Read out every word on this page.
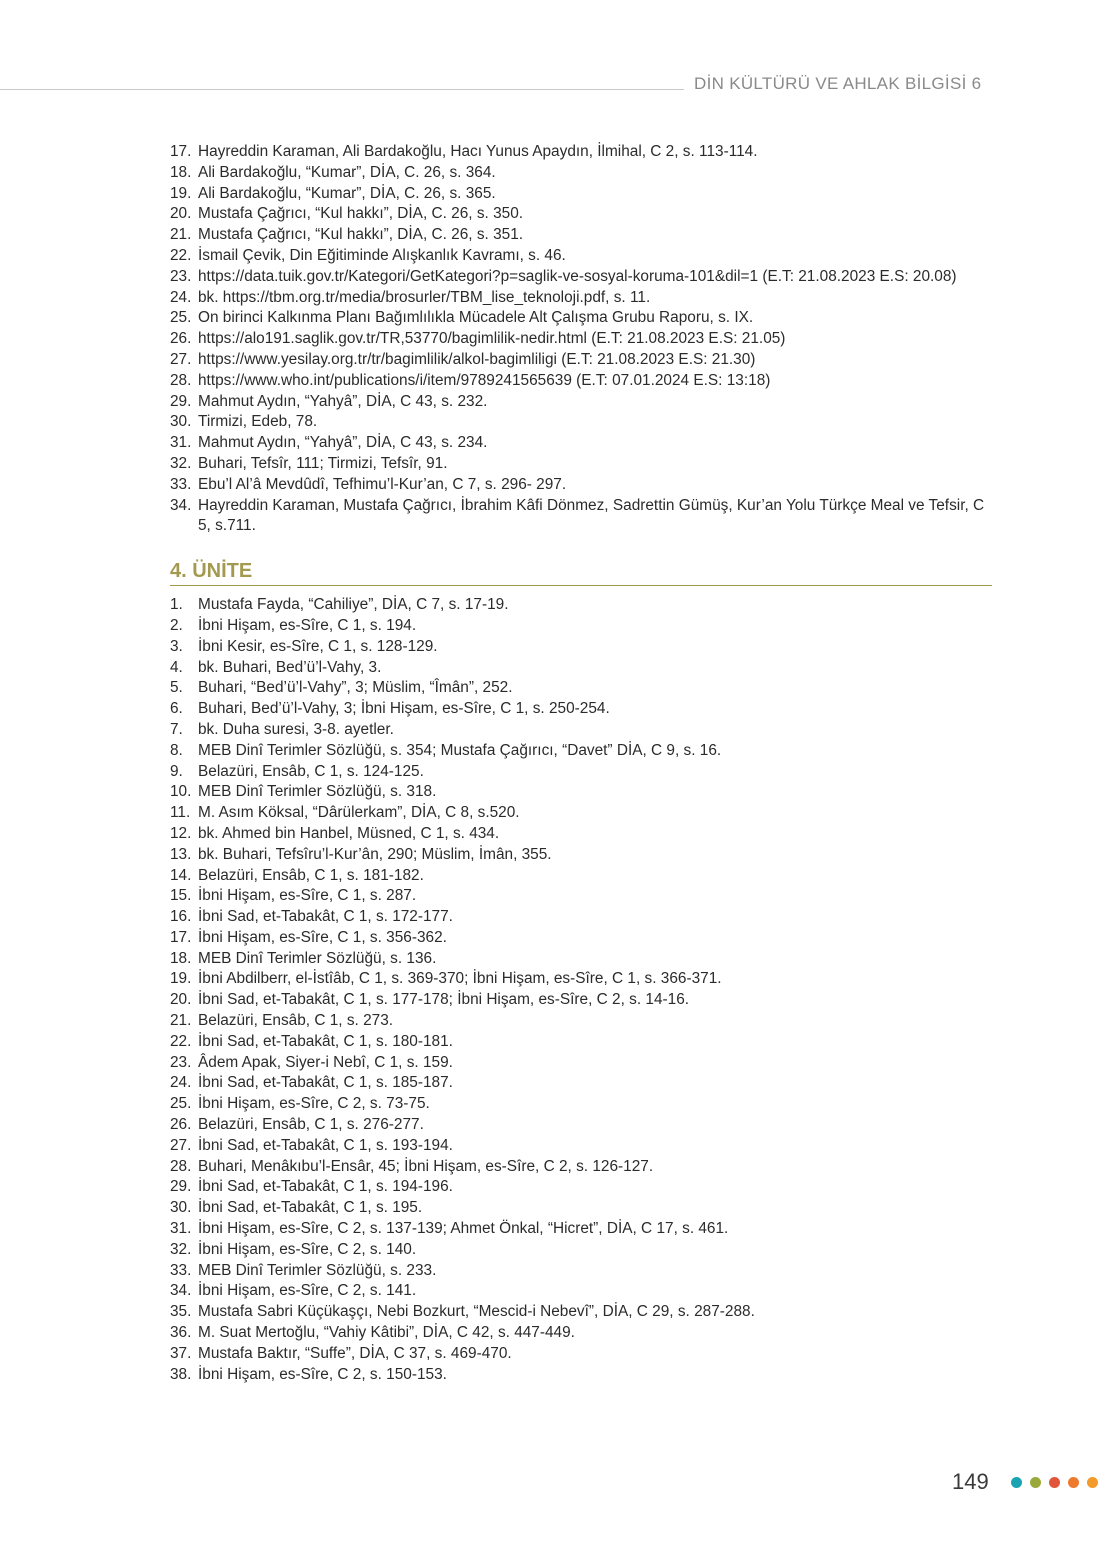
DİN KÜLTÜRÜ VE AHLAK BİLGİSİ 6
17. Hayreddin Karaman, Ali Bardakoğlu, Hacı Yunus Apaydın, İlmihal, C 2, s. 113-114.
18. Ali Bardakoğlu, “Kumar”, DİA, C. 26, s. 364.
19. Ali Bardakoğlu, “Kumar”, DİA, C. 26, s. 365.
20. Mustafa Çağrıcı, “Kul hakkı”, DİA, C. 26, s. 350.
21. Mustafa Çağrıcı, “Kul hakkı”, DİA, C. 26, s. 351.
22. İsmail Çevik, Din Eğitiminde Alışkanlık Kavramı, s. 46.
23. https://data.tuik.gov.tr/Kategori/GetKategori?p=saglik-ve-sosyal-koruma-101&dil=1 (E.T: 21.08.2023 E.S: 20.08)
24. bk. https://tbm.org.tr/media/brosurler/TBM_lise_teknoloji.pdf, s. 11.
25. On birinci Kalkınma Planı Bağımlılıkla Mücadele Alt Çalışma Grubu Raporu, s. IX.
26. https://alo191.saglik.gov.tr/TR,53770/bagimlilik-nedir.html (E.T: 21.08.2023 E.S: 21.05)
27. https://www.yesilay.org.tr/tr/bagimlilik/alkol-bagimliligi (E.T: 21.08.2023 E.S: 21.30)
28. https://www.who.int/publications/i/item/9789241565639 (E.T: 07.01.2024 E.S: 13:18)
29. Mahmut Aydın, “Yahyâ”, DİA, C 43, s. 232.
30. Tirmizi, Edeb, 78.
31. Mahmut Aydın, “Yahyâ”, DİA, C 43, s. 234.
32. Buhari, Tefsîr, 111; Tirmizi, Tefsîr, 91.
33. Ebu’l Al’â Mevdûdî, Tefhimu’l-Kur’an, C 7, s. 296- 297.
34. Hayreddin Karaman, Mustafa Çağrıcı, İbrahim Kâfi Dönmez, Sadrettin Gümüş, Kur’an Yolu Türkçe Meal ve Tefsir, C 5, s.711.
4. ÜNİTE
1. Mustafa Fayda, “Cahiliye”, DİA, C 7, s. 17-19.
2. İbni Hişam, es-Sîre, C 1, s. 194.
3. İbni Kesir, es-Sîre, C 1, s. 128-129.
4. bk. Buhari, Bed’ü’l-Vahy, 3.
5. Buhari, “Bed’ü’l-Vahy”, 3; Müslim, “Îmân”, 252.
6. Buhari, Bed’ü’l-Vahy, 3; İbni Hişam, es-Sîre, C 1, s. 250-254.
7. bk. Duha suresi, 3-8. ayetler.
8. MEB Dinî Terimler Sözlüğü, s. 354; Mustafa Çağırıcı, “Davet” DİA, C 9, s. 16.
9. Belazüri, Ensâb, C 1, s. 124-125.
10. MEB Dinî Terimler Sözlüğü, s. 318.
11. M. Asım Köksal, “Dârülerkam”, DİA, C 8, s.520.
12. bk. Ahmed bin Hanbel, Müsned, C 1, s. 434.
13. bk. Buhari, Tefsîru’l-Kur’ân, 290; Müslim, İmân, 355.
14. Belazüri, Ensâb, C 1, s. 181-182.
15. İbni Hişam, es-Sîre, C 1, s. 287.
16. İbni Sad, et-Tabakât, C 1, s. 172-177.
17. İbni Hişam, es-Sîre, C 1, s. 356-362.
18. MEB Dinî Terimler Sözlüğü, s. 136.
19. İbni Abdilberr, el-İstîâb, C 1, s. 369-370; İbni Hişam, es-Sîre, C 1, s. 366-371.
20. İbni Sad, et-Tabakât, C 1, s. 177-178; İbni Hişam, es-Sîre, C 2, s. 14-16.
21. Belazüri, Ensâb, C 1, s. 273.
22. İbni Sad, et-Tabakât, C 1, s. 180-181.
23. Âdem Apak, Siyer-i Nebî, C 1, s. 159.
24. İbni Sad, et-Tabakât, C 1, s. 185-187.
25. İbni Hişam, es-Sîre, C 2, s. 73-75.
26. Belazüri, Ensâb, C 1, s. 276-277.
27. İbni Sad, et-Tabakât, C 1, s. 193-194.
28. Buhari, Menâkıbu’l-Ensâr, 45; İbni Hişam, es-Sîre, C 2, s. 126-127.
29. İbni Sad, et-Tabakât, C 1, s. 194-196.
30. İbni Sad, et-Tabakât, C 1, s. 195.
31. İbni Hişam, es-Sîre, C 2, s. 137-139; Ahmet Önkal, “Hicret”, DİA, C 17, s. 461.
32. İbni Hişam, es-Sîre, C 2, s. 140.
33. MEB Dinî Terimler Sözlüğü, s. 233.
34. İbni Hişam, es-Sîre, C 2, s. 141.
35. Mustafa Sabri Küçükaşçı, Nebi Bozkurt, “Mescid-i Nebevî”, DİA, C 29, s. 287-288.
36. M. Suat Mertoğlu, “Vahiy Kâtibi”, DİA, C 42, s. 447-449.
37. Mustafa Baktır, “Suffe”, DİA, C 37, s. 469-470.
38. İbni Hişam, es-Sîre, C 2, s. 150-153.
149
